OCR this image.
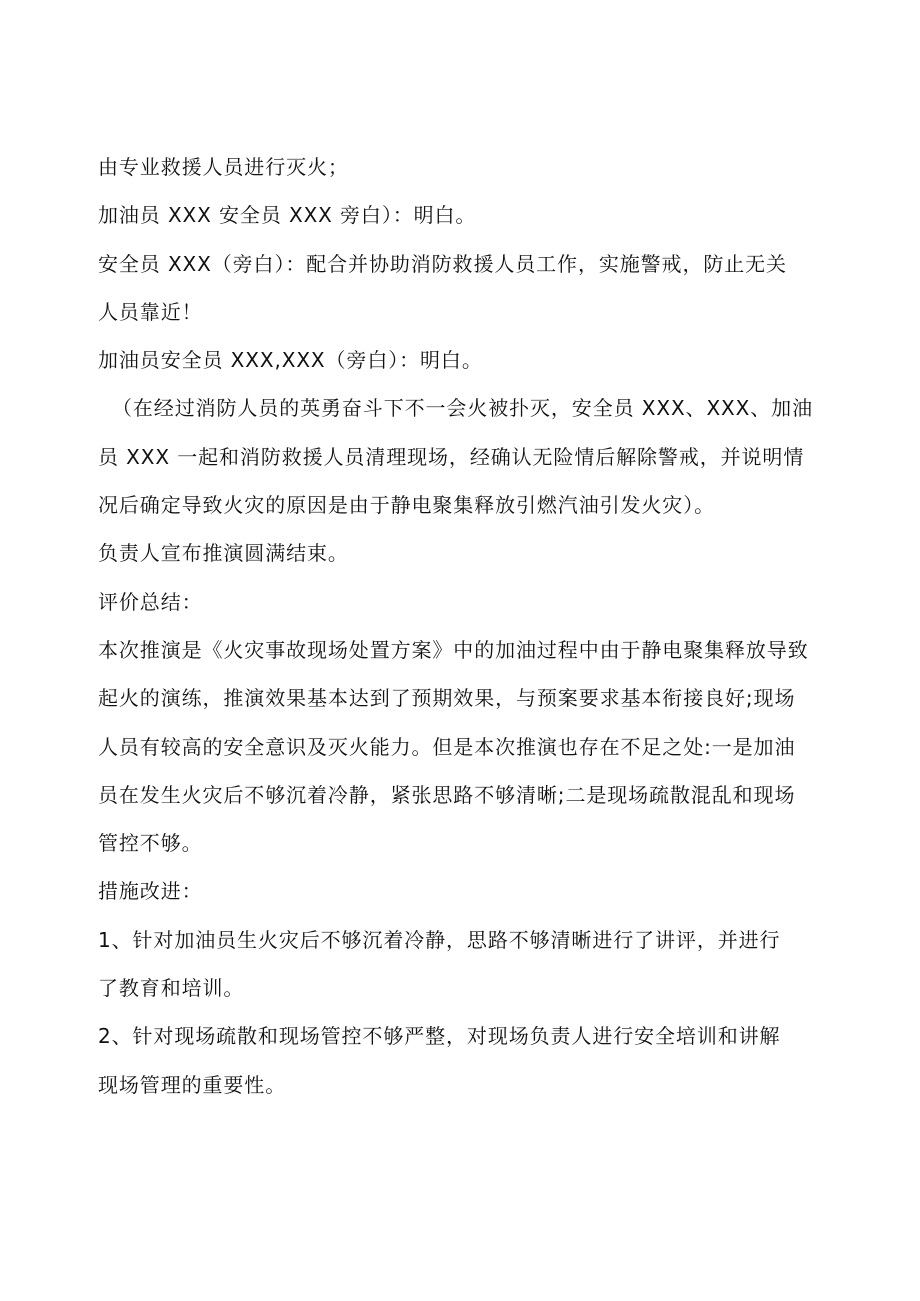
由专业救援人员进行灭火；
加油员 XXX 安全员 XXX 旁白）：明白。
安全员 XXX（旁白）：配合并协助消防救援人员工作，实施警戒，防止无关
人员靠近！
加油员安全员 XXX,XXX（旁白）：明白。
（在经过消防人员的英勇奋斗下不一会火被扑灭，安全员 XXX、XXX、加油
员 XXX 一起和消防救援人员清理现场，经确认无险情后解除警戒，并说明情
况后确定导致火灾的原因是由于静电聚集释放引燃汽油引发火灾）。
负责人宣布推演圆满结束。
评价总结：
本次推演是《火灾事故现场处置方案》中的加油过程中由于静电聚集释放导致
起火的演练，推演效果基本达到了预期效果，与预案要求基本衔接良好;现场
人员有较高的安全意识及灭火能力。但是本次推演也存在不足之处:一是加油
员在发生火灾后不够沉着冷静，紧张思路不够清晰;二是现场疏散混乱和现场
管控不够。
措施改进：
1、针对加油员生火灾后不够沉着冷静，思路不够清晰进行了讲评，并进行
了教育和培训。
2、针对现场疏散和现场管控不够严整，对现场负责人进行安全培训和讲解
现场管理的重要性。
